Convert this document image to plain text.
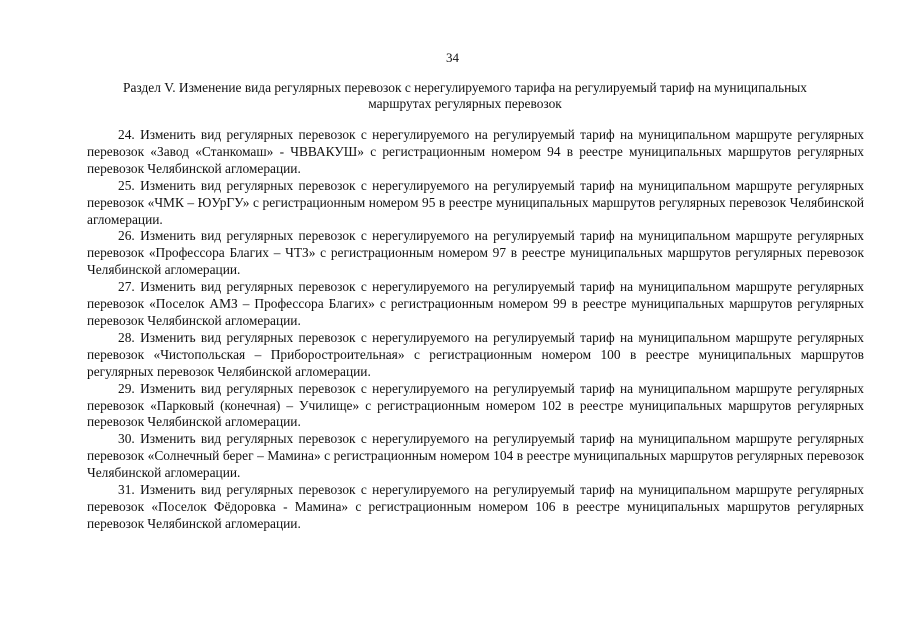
34
Раздел V. Изменение вида регулярных перевозок с нерегулируемого тарифа на регулируемый тариф на муниципальных маршрутах регулярных перевозок

24. Изменить вид регулярных перевозок с нерегулируемого на регулируемый тариф на муниципальном маршруте регулярных перевозок «Завод «Станкомаш» - ЧВВАКУШ» с регистрационным номером 94 в реестре муниципальных маршрутов регулярных перевозок Челябинской агломерации.

25. Изменить вид регулярных перевозок с нерегулируемого на регулируемый тариф на муниципальном маршруте регулярных перевозок «ЧМК – ЮУрГУ» с регистрационным номером 95 в реестре муниципальных маршрутов регулярных перевозок Челябинской агломерации.

26. Изменить вид регулярных перевозок с нерегулируемого на регулируемый тариф на муниципальном маршруте регулярных перевозок «Профессора Благих – ЧТЗ» с регистрационным номером 97 в реестре муниципальных маршрутов регулярных перевозок Челябинской агломерации.

27. Изменить вид регулярных перевозок с нерегулируемого на регулируемый тариф на муниципальном маршруте регулярных перевозок «Поселок АМЗ – Профессора Благих» с регистрационным номером 99 в реестре муниципальных маршрутов регулярных перевозок Челябинской агломерации.

28. Изменить вид регулярных перевозок с нерегулируемого на регулируемый тариф на муниципальном маршруте регулярных перевозок «Чистопольская – Приборостроительная» с регистрационным номером 100 в реестре муниципальных маршрутов регулярных перевозок Челябинской агломерации.

29. Изменить вид регулярных перевозок с нерегулируемого на регулируемый тариф на муниципальном маршруте регулярных перевозок «Парковый (конечная) – Училище» с регистрационным номером 102 в реестре муниципальных маршрутов регулярных перевозок Челябинской агломерации.

30. Изменить вид регулярных перевозок с нерегулируемого на регулируемый тариф на муниципальном маршруте регулярных перевозок «Солнечный берег – Мамина» с регистрационным номером 104 в реестре муниципальных маршрутов регулярных перевозок Челябинской агломерации.

31. Изменить вид регулярных перевозок с нерегулируемого на регулируемый тариф на муниципальном маршруте регулярных перевозок «Поселок Фёдоровка - Мамина» с регистрационным номером 106 в реестре муниципальных маршрутов регулярных перевозок Челябинской агломерации.
